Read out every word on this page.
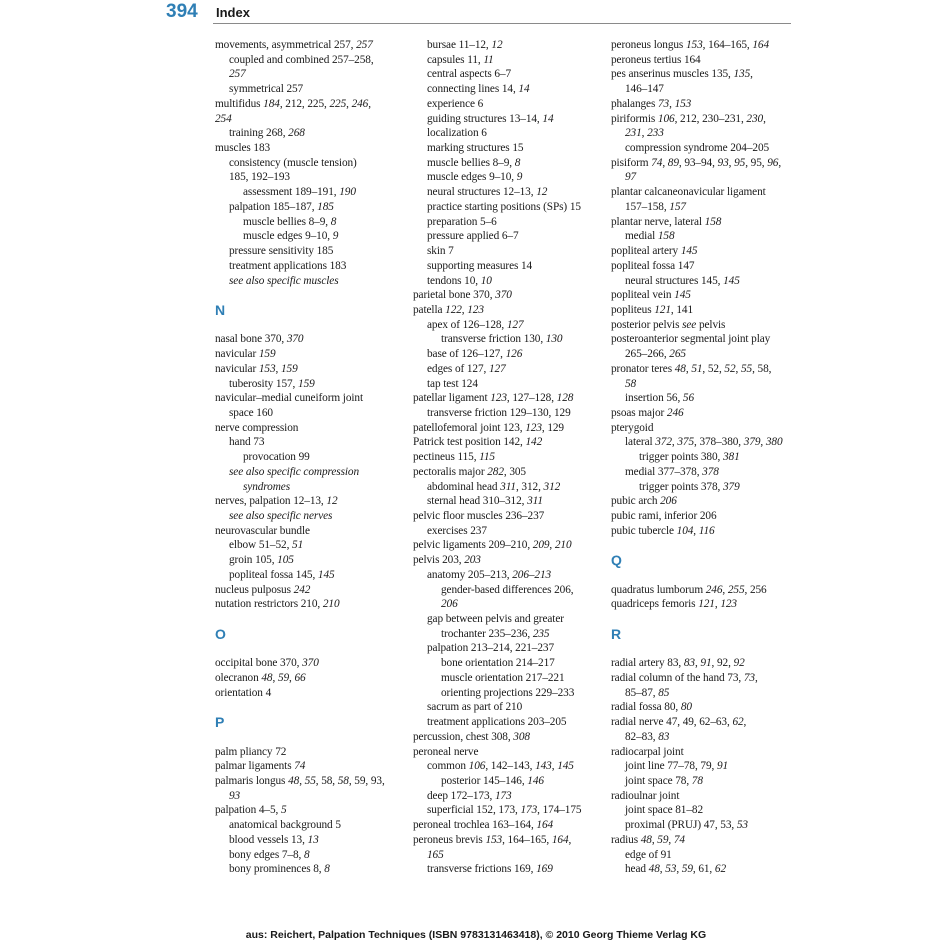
394 Index
movements, asymmetrical 257, 257
coupled and combined 257–258,
257
symmetrical 257
multifidus 184, 212, 225, 225, 246,
254
training 268, 268
muscles 183
consistency (muscle tension)
185, 192–193
assessment 189–191, 190
palpation 185–187, 185
muscle bellies 8–9, 8
muscle edges 9–10, 9
pressure sensitivity 185
treatment applications 183
see also specific muscles
N
nasal bone 370, 370
navicular 159
navicular 153, 159
tuberosity 157, 159
navicular–medial cuneiform joint
space 160
nerve compression
hand 73
provocation 99
see also specific compression
syndromes
nerves, palpation 12–13, 12
see also specific nerves
neurovascular bundle
elbow 51–52, 51
groin 105, 105
popliteal fossa 145, 145
nucleus pulposus 242
nutation restrictors 210, 210
O
occipital bone 370, 370
olecranon 48, 59, 66
orientation 4
P
palm pliancy 72
palmar ligaments 74
palmaris longus 48, 55, 58, 58, 59, 93,
93
palpation 4–5, 5
anatomical background 5
blood vessels 13, 13
bony edges 7–8, 8
bony prominences 8, 8
bursae 11–12, 12
capsules 11, 11
central aspects 6–7
connecting lines 14, 14
experience 6
guiding structures 13–14, 14
localization 6
marking structures 15
muscle bellies 8–9, 8
muscle edges 9–10, 9
neural structures 12–13, 12
practice starting positions (SPs) 15
preparation 5–6
pressure applied 6–7
skin 7
supporting measures 14
tendons 10, 10
parietal bone 370, 370
patella 122, 123
apex of 126–128, 127
transverse friction 130, 130
base of 126–127, 126
edges of 127, 127
tap test 124
patellar ligament 123, 127–128, 128
transverse friction 129–130, 129
patellofemoral joint 123, 123, 129
Patrick test position 142, 142
pectineus 115, 115
pectoralis major 282, 305
abdominal head 311, 312, 312
sternal head 310–312, 311
pelvic floor muscles 236–237
exercises 237
pelvic ligaments 209–210, 209, 210
pelvis 203, 203
anatomy 205–213, 206–213
gender-based differences 206,
206
gap between pelvis and greater
trochanter 235–236, 235
palpation 213–214, 221–237
bone orientation 214–217
muscle orientation 217–221
orienting projections 229–233
sacrum as part of 210
treatment applications 203–205
percussion, chest 308, 308
peroneal nerve
common 106, 142–143, 143, 145
posterior 145–146, 146
deep 172–173, 173
superficial 152, 173, 173, 174–175
peroneal trochlea 163–164, 164
peroneus brevis 153, 164–165, 164,
165
transverse frictions 169, 169
peroneus longus 153, 164–165, 164
peroneus tertius 164
pes anserinus muscles 135, 135,
146–147
phalanges 73, 153
piriformis 106, 212, 230–231, 230,
231, 233
compression syndrome 204–205
pisiform 74, 89, 93–94, 93, 95, 95, 96,
97
plantar calcaneonavicular ligament
157–158, 157
plantar nerve, lateral 158
medial 158
popliteal artery 145
popliteal fossa 147
neural structures 145, 145
popliteal vein 145
popliteus 121, 141
posterior pelvis see pelvis
posteroanterior segmental joint play
265–266, 265
pronator teres 48, 51, 52, 52, 55, 58,
58
insertion 56, 56
psoas major 246
pterygoid
lateral 372, 375, 378–380, 379, 380
trigger points 380, 381
medial 377–378, 378
trigger points 378, 379
pubic arch 206
pubic rami, inferior 206
pubic tubercle 104, 116
Q
quadratus lumborum 246, 255, 256
quadriceps femoris 121, 123
R
radial artery 83, 83, 91, 92, 92
radial column of the hand 73, 73,
85–87, 85
radial fossa 80, 80
radial nerve 47, 49, 62–63, 62,
82–83, 83
radiocarpal joint
joint line 77–78, 79, 91
joint space 78, 78
radioulnar joint
joint space 81–82
proximal (PRUJ) 47, 53, 53
radius 48, 59, 74
edge of 91
head 48, 53, 59, 61, 62
aus: Reichert, Palpation Techniques (ISBN 9783131463418), © 2010 Georg Thieme Verlag KG
